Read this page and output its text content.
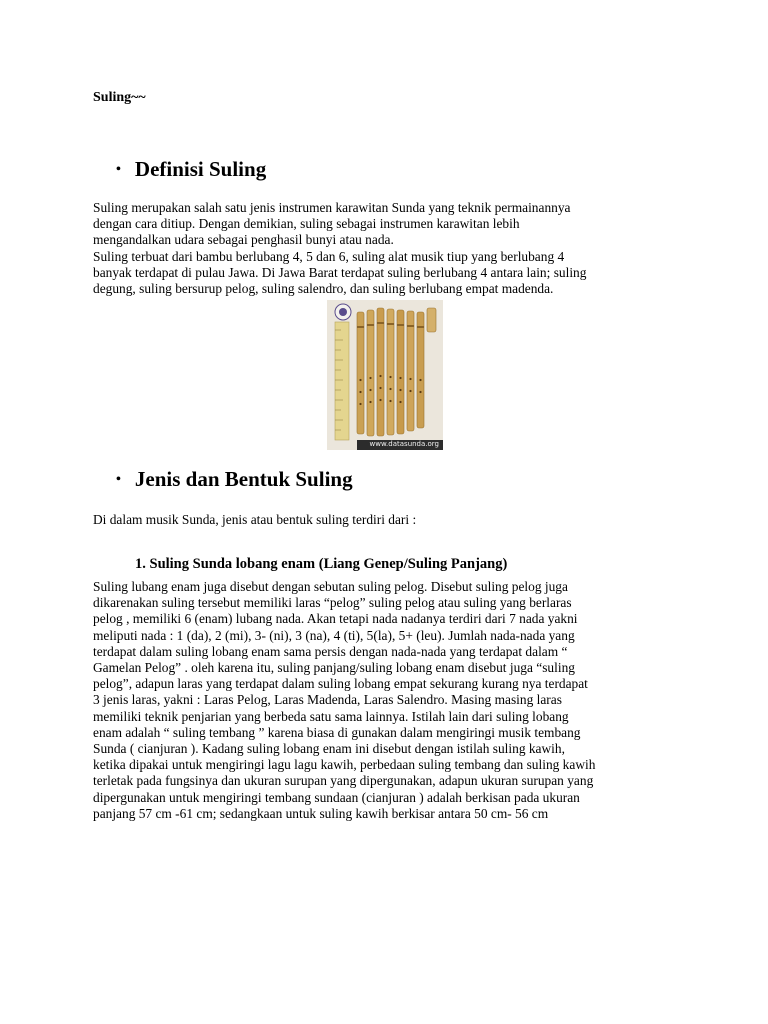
Suling~~
• Definisi Suling
Suling merupakan salah satu jenis instrumen karawitan Sunda yang teknik permainannya
dengan cara ditiup. Dengan demikian, suling sebagai instrumen karawitan lebih
mengandalkan udara sebagai penghasil bunyi atau nada.
Suling terbuat dari bambu berlubang 4, 5 dan 6, suling alat musik tiup yang berlubang 4
banyak terdapat di pulau Jawa. Di Jawa Barat terdapat suling berlubang 4 antara lain; suling
degung, suling bersurup pelog, suling salendro, dan suling berlubang empat madenda.
www.datasunda.org
• Jenis dan Bentuk Suling
Di dalam musik Sunda, jenis atau bentuk suling terdiri dari :
1. Suling Sunda lobang enam (Liang Genep/Suling Panjang)
Suling lubang enam juga disebut dengan sebutan suling pelog. Disebut suling pelog juga
dikarenakan suling tersebut memiliki laras “pelog” suling pelog atau suling yang berlaras
pelog , memiliki 6 (enam) lubang nada. Akan tetapi nada nadanya terdiri dari 7 nada yakni
meliputi nada : 1 (da), 2 (mi), 3- (ni), 3 (na), 4 (ti), 5(la), 5+ (leu). Jumlah nada-nada yang
terdapat dalam suling lobang enam sama persis dengan nada-nada yang terdapat dalam “
Gamelan Pelog” . oleh karena itu, suling panjang/suling lobang enam disebut juga “suling
pelog”, adapun laras yang terdapat dalam suling lobang empat sekurang kurang nya terdapat
3 jenis laras, yakni : Laras Pelog, Laras Madenda, Laras Salendro. Masing masing laras
memiliki teknik penjarian yang berbeda satu sama lainnya. Istilah lain dari suling lobang
enam adalah “ suling tembang ” karena biasa di gunakan dalam mengiringi musik tembang
Sunda ( cianjuran ). Kadang suling lobang enam ini disebut dengan istilah suling kawih,
ketika dipakai untuk mengiringi lagu lagu kawih, perbedaan suling tembang dan suling kawih
terletak pada fungsinya dan ukuran surupan yang dipergunakan, adapun ukuran surupan yang
dipergunakan untuk mengiringi tembang sundaan (cianjuran ) adalah berkisan pada ukuran
panjang 57 cm -61 cm; sedangkaan untuk suling kawih berkisar antara 50 cm- 56 cm
